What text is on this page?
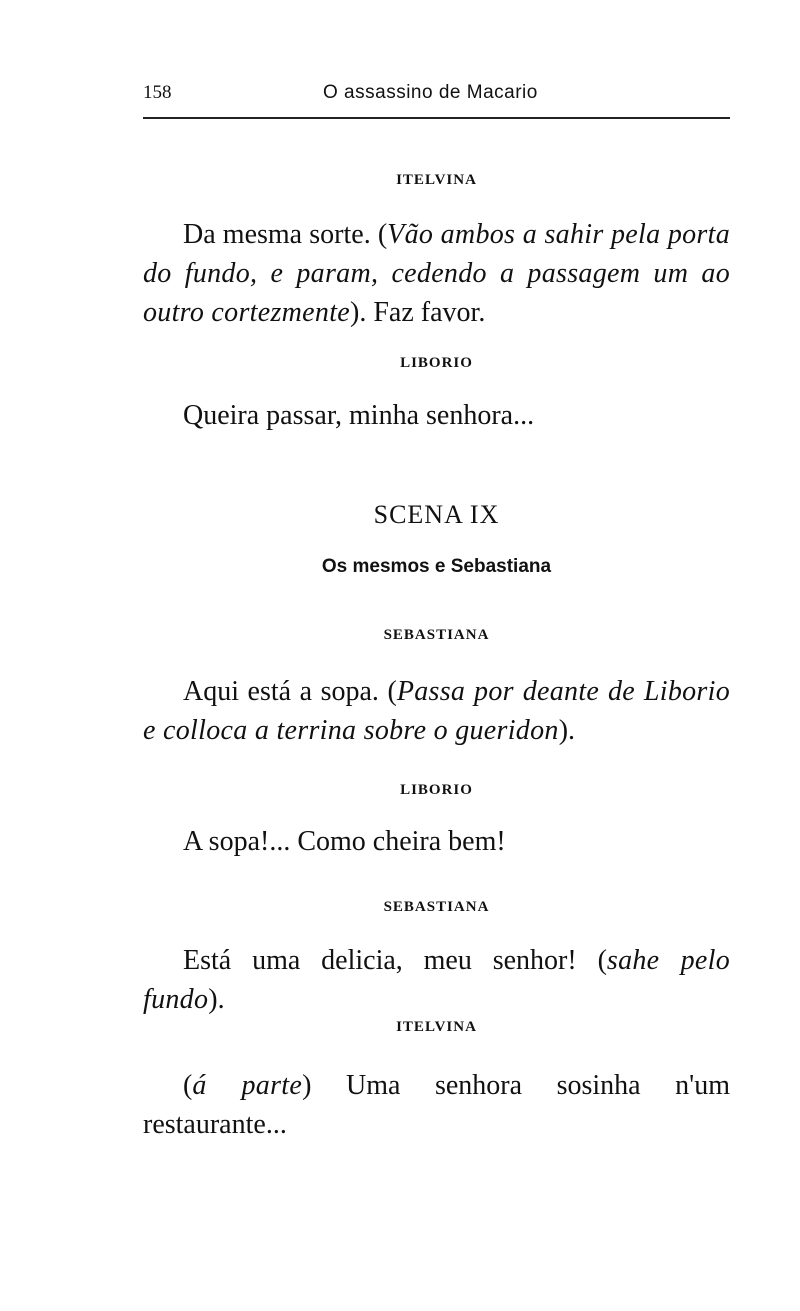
158	O assassino de Macario
ITELVINA
Da mesma sorte. (Vão ambos a sahir pela porta do fundo, e param, cedendo a passagem um ao outro cortezmente). Faz favor.
LIBORIO
Queira passar, minha senhora...
SCENA IX
Os mesmos e Sebastiana
SEBASTIANA
Aqui está a sopa. (Passa por deante de Liborio e colloca a terrina sobre o gueridon).
LIBORIO
A sopa!... Como cheira bem!
SEBASTIANA
Está uma delicia, meu senhor! (sahe pelo fundo).
ITELVINA
(á parte) Uma senhora sosinha n'um restaurante...
